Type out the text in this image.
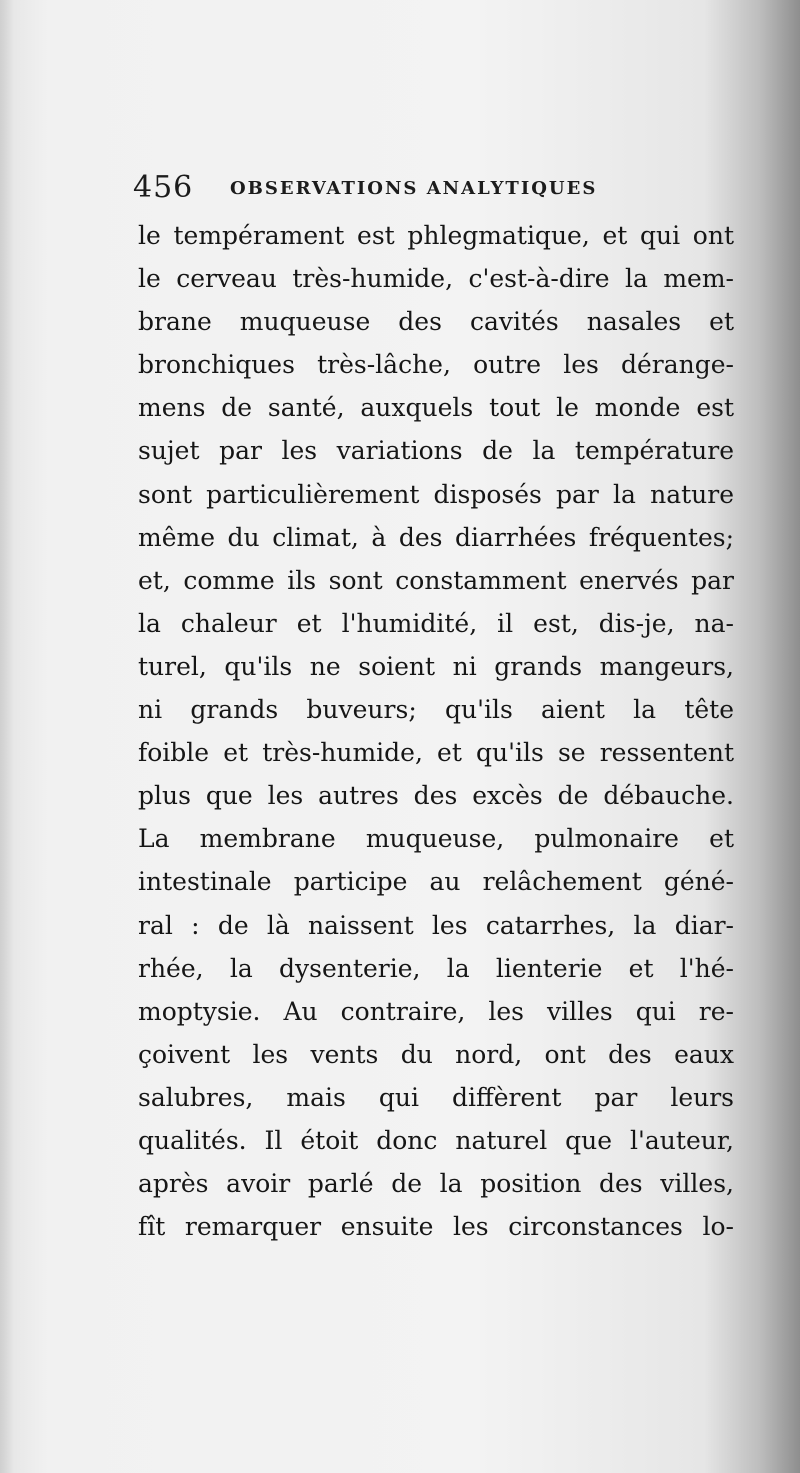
456 OBSERVATIONS ANALYTIQUES
le tempérament est phlegmatique, et qui ont
le cerveau très-humide, c'est-à-dire la mem-
brane muqueuse des cavités nasales et
bronchiques très-lâche, outre les dérange-
mens de santé, auxquels tout le monde est
sujet par les variations de la température
sont particulièrement disposés par la nature
même du climat, à des diarrhées fréquentes;
et, comme ils sont constamment enervés par
la chaleur et l'humidité, il est, dis-je, na-
turel, qu'ils ne soient ni grands mangeurs,
ni grands buveurs; qu'ils aient la tête
foible et très-humide, et qu'ils se ressentent
plus que les autres des excès de débauche.
La membrane muqueuse, pulmonaire et
intestinale participe au relâchement géné-
ral : de là naissent les catarrhes, la diar-
rhée, la dysenterie, la lienterie et l'hé-
moptysie. Au contraire, les villes qui re-
çoivent les vents du nord, ont des eaux
salubres, mais qui diffèrent par leurs
qualités. Il étoit donc naturel que l'auteur,
après avoir parlé de la position des villes,
fît remarquer ensuite les circonstances lo-
